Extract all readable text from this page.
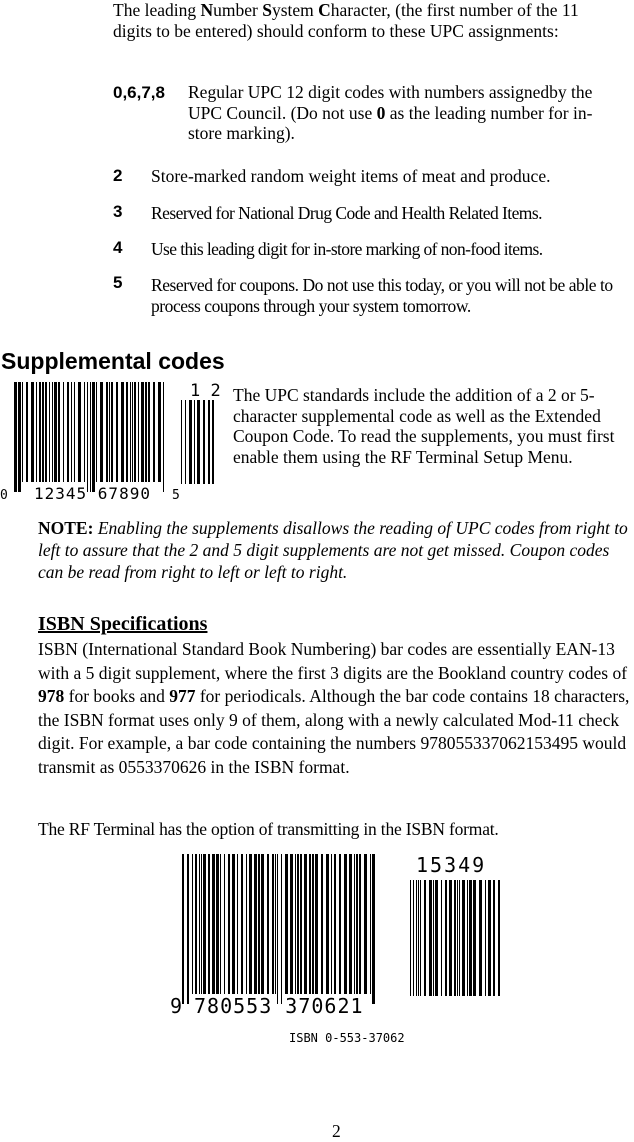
The leading Number System Character, (the first number of the 11 digits to be entered) should conform to these UPC assignments:
0,6,7,8 Regular UPC 12 digit codes with numbers assignedby the UPC Council. (Do not use 0 as the leading number for in-store marking).
2 Store-marked random weight items of meat and produce.
3 Reserved for National Drug Code and Health Related Items.
4 Use this leading digit for in-store marking of non-food items.
5 Reserved for coupons. Do not use this today, or you will not be able to process coupons through your system tomorrow.
Supplemental codes
0 12345 67890 5
1 2 The UPC standards include the addition of a 2 or 5-character supplemental code as well as the Extended Coupon Code. To read the supplements, you must first enable them using the RF Terminal Setup Menu.
NOTE: Enabling the supplements disallows the reading of UPC codes from right to left to assure that the 2 and 5 digit supplements are not get missed. Coupon codes can be read from right to left or left to right.
ISBN Specifications
ISBN (International Standard Book Numbering) bar codes are essentially EAN-13 with a 5 digit supplement, where the first 3 digits are the Bookland country codes of 978 for books and 977 for periodicals. Although the bar code contains 18 characters, the ISBN format uses only 9 of them, along with a newly calculated Mod-11 check digit. For example, a bar code containing the numbers 978055337062153495 would transmit as 0553370626 in the ISBN format.
The RF Terminal has the option of transmitting in the ISBN format.
9 780553 370621
15349
ISBN 0-553-37062
2
